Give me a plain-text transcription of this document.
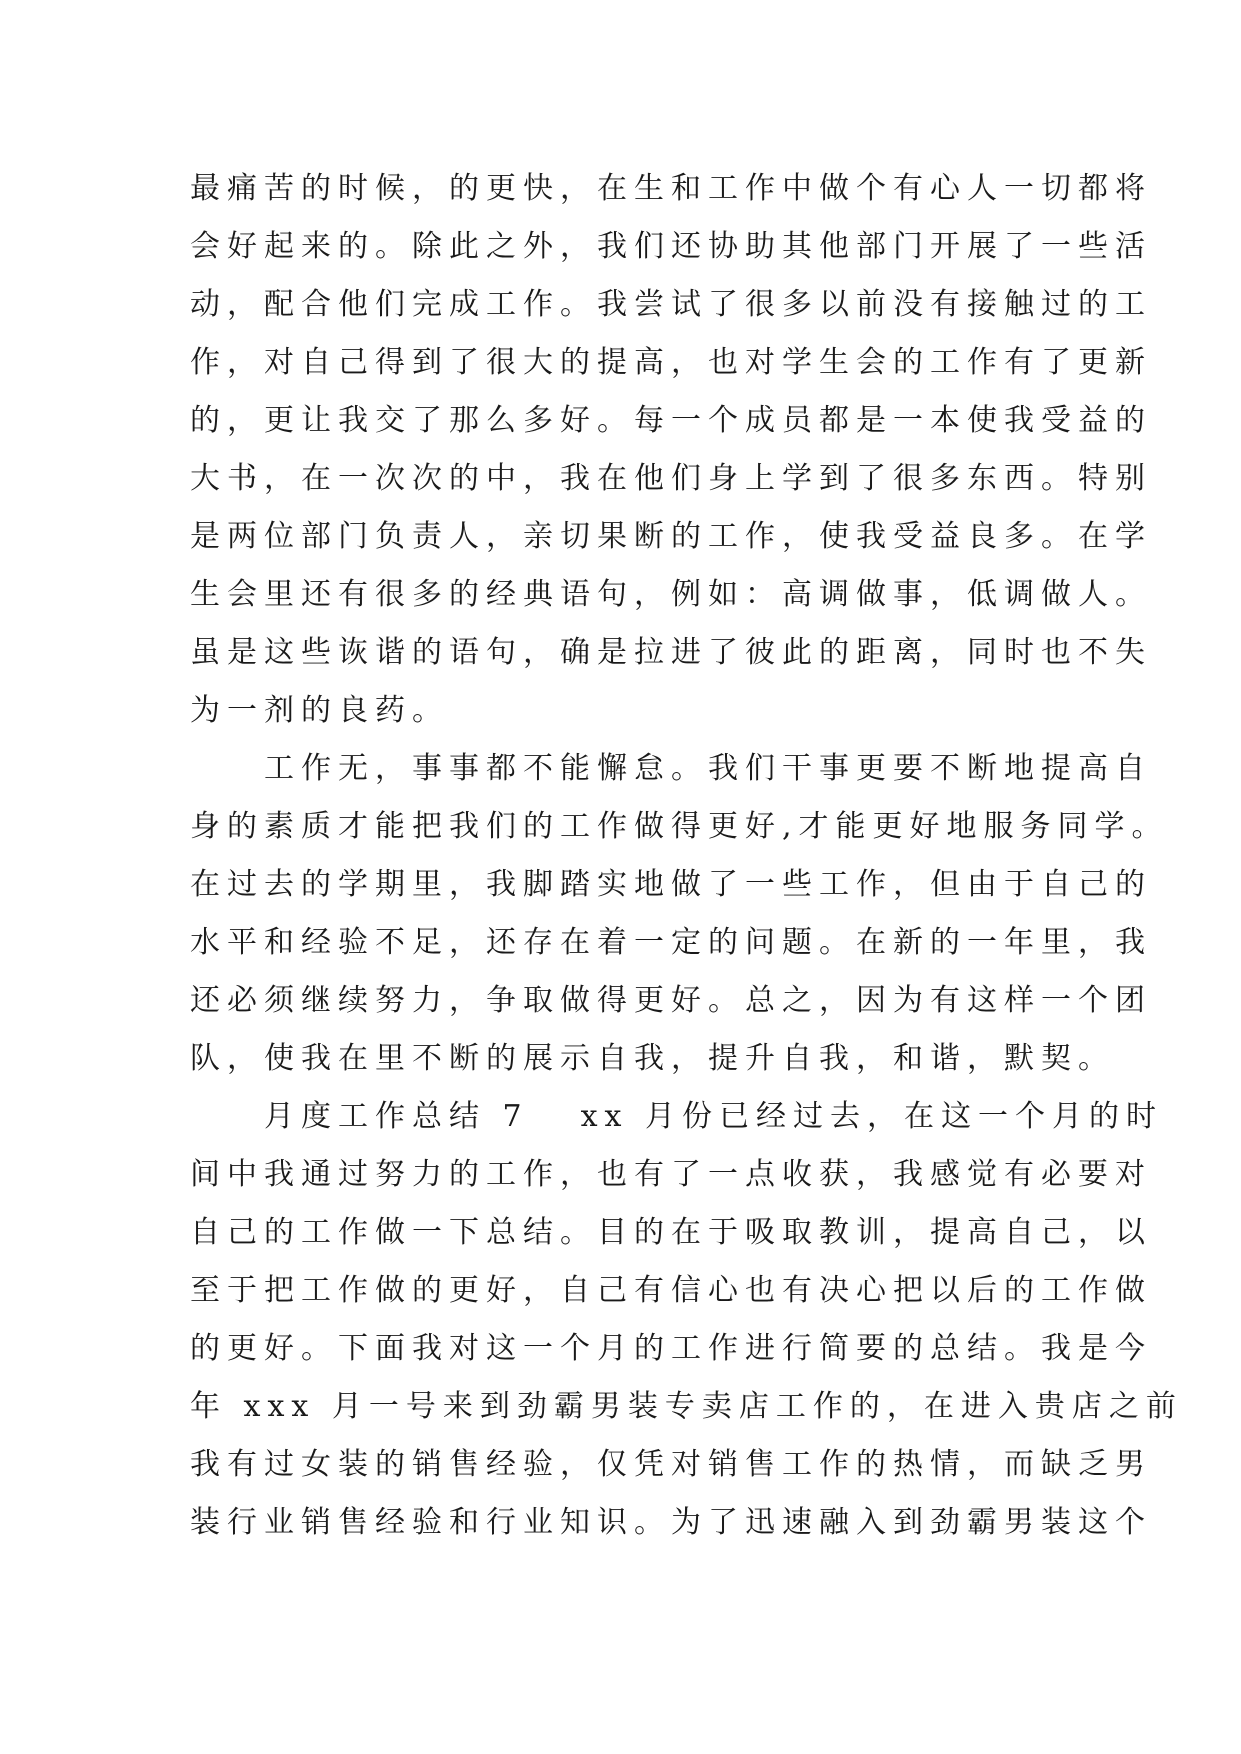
最痛苦的时候，的更快，在生和工作中做个有心人一切都将
会好起来的。除此之外，我们还协助其他部门开展了一些活
动，配合他们完成工作。我尝试了很多以前没有接触过的工
作，对自己得到了很大的提高，也对学生会的工作有了更新
的，更让我交了那么多好。每一个成员都是一本使我受益的
大书，在一次次的中，我在他们身上学到了很多东西。特别
是两位部门负责人，亲切果断的工作，使我受益良多。在学
生会里还有很多的经典语句，例如：高调做事，低调做人。
虽是这些诙谐的语句，确是拉进了彼此的距离，同时也不失
为一剂的良药。
　　工作无，事事都不能懈怠。我们干事更要不断地提高自
身的素质才能把我们的工作做得更好,才能更好地服务同学。
在过去的学期里，我脚踏实地做了一些工作，但由于自己的
水平和经验不足，还存在着一定的问题。在新的一年里，我
还必须继续努力，争取做得更好。总之，因为有这样一个团
队，使我在里不断的展示自我，提升自我，和谐，默契。
　　月度工作总结 7 xx 月份已经过去，在这一个月的时
间中我通过努力的工作，也有了一点收获，我感觉有必要对
自己的工作做一下总结。目的在于吸取教训，提高自己，以
至于把工作做的更好，自己有信心也有决心把以后的工作做
的更好。下面我对这一个月的工作进行简要的总结。我是今
年 xxx 月一号来到劲霸男装专卖店工作的，在进入贵店之前
我有过女装的销售经验，仅凭对销售工作的热情，而缺乏男
装行业销售经验和行业知识。为了迅速融入到劲霸男装这个
